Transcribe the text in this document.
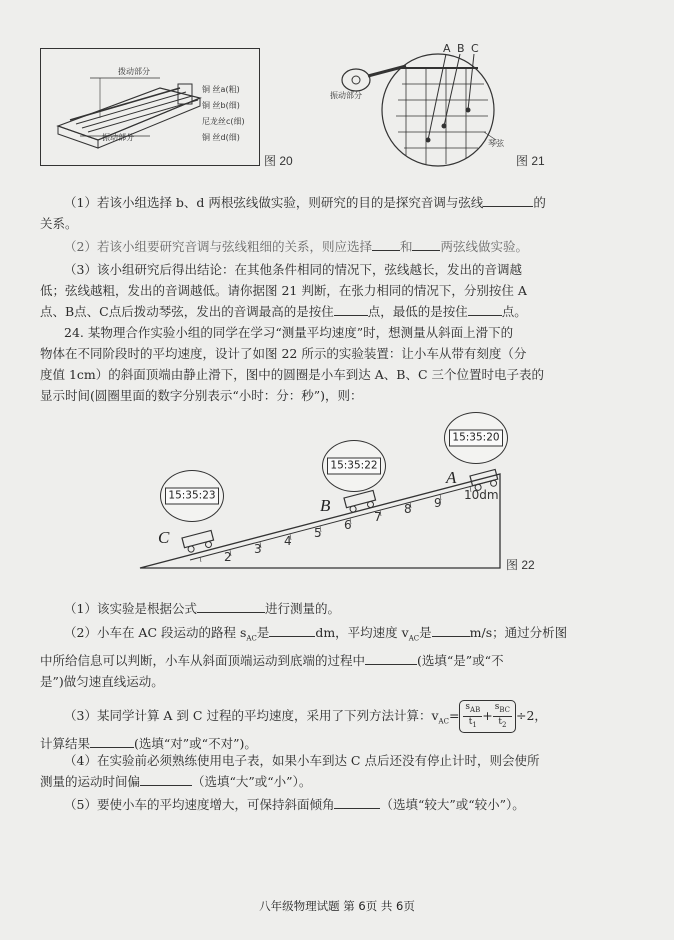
拨动部分
振动部分
铜 丝a(粗)
铜 丝b(细)
尼龙丝c(细)
铜 丝d(细)
图 20
A B C
振动部分
琴弦
图 21
（1）若该小组选择 b、d 两根弦线做实验，则研究的目的是探究音调与弦线	的
关系。
（2）若该小组要研究音调与弦线粗细的关系，则应选择 和 两弦线做实验。
（3）该小组研究后得出结论：在其他条件相同的情况下，弦线越长，发出的音调越
低；弦线越粗，发出的音调越低。请你据图 21 判断，在张力相同的情况下，分别按住 A
点、B点、C点后拨动琴弦，发出的音调最高的是按住	点，最低的是按住	点。
24. 某物理合作实验小组的同学在学习“测量平均速度”时，想测量从斜面上滑下的
物体在不同阶段时的平均速度，设计了如图 22 所示的实验装置：让小车从带有刻度（分
度值 1cm）的斜面顶端由静止滑下，图中的圆圈是小车到达 A、B、C 三个位置时电子表的
显示时间(圆圈里面的数字分别表示“小时：分：秒”)，则：
2
3
4
5
6
7
8 9
10dm
15:35:23
15:35:22
15:35:20
C
B
A
图 22
（1）该实验是根据公式	进行测量的。
（2）小车在 AC 段运动的路程 $s_{AC}$是	dm，平均速度 $v_{AC}$是	m/s；通过分析图
中所给信息可以判断，小车从斜面顶端运动到底端的过程中	(选填“是”或“不
是”)做匀速直线运动。
（3）某同学计算 A 到 C 过程的平均速度，采用了下列方法计算：$v_{AC}= \frac{s_{AB}}{t_1} + \frac{s_{BC}}{t_2} \div 2$，
计算结果	(选填“对”或“不对”)。
（4）在实验前必须熟练使用电子表，如果小车到达 C 点后还没有停止计时，则会使所
测量的运动时间偏	（选填“大”或“小”）。
（5）要使小车的平均速度增大，可保持斜面倾角	（选填“较大”或“较小”）。
八年级物理试题 第 6页 共 6页
